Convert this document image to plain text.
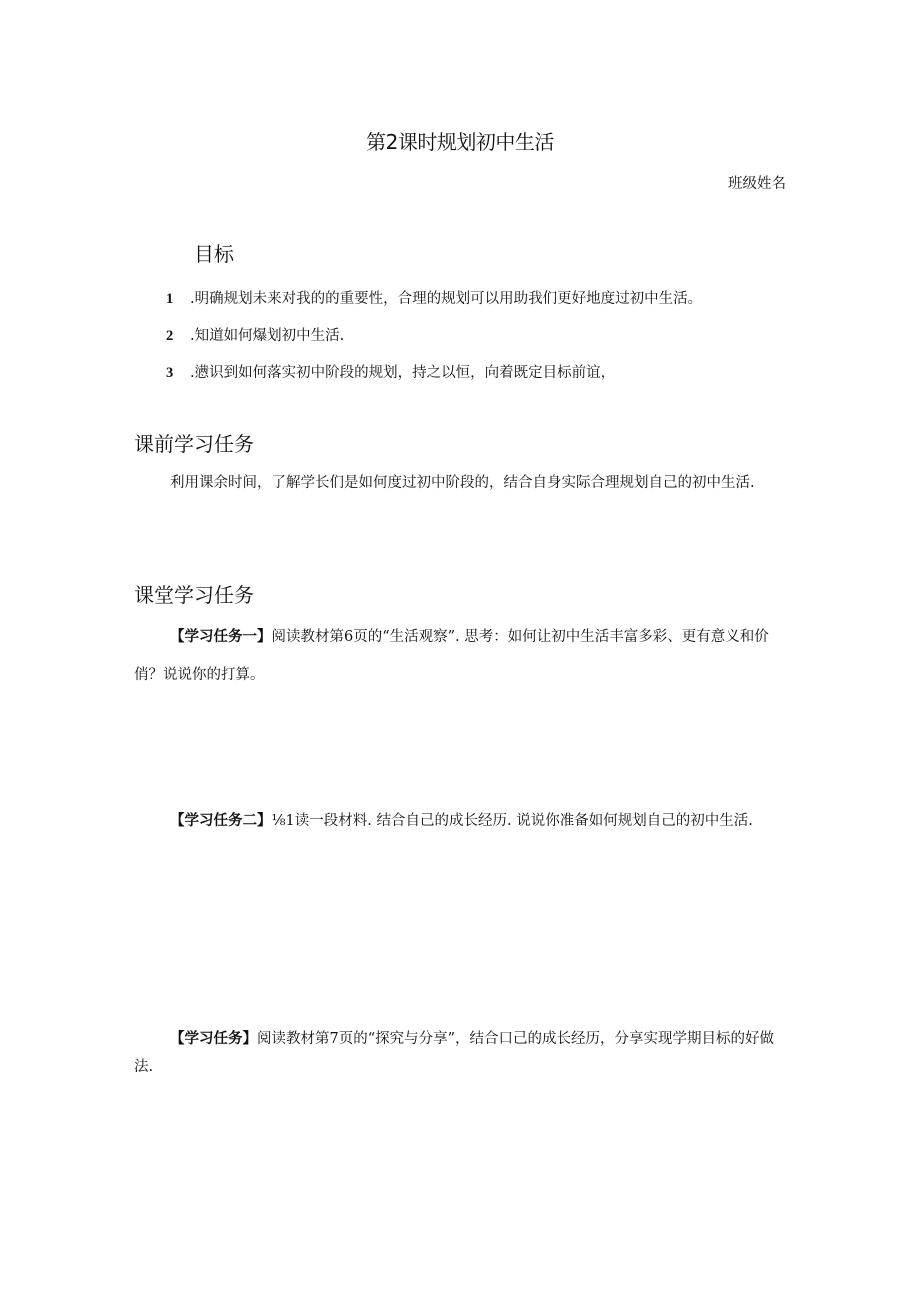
第2课时规划初中生活
班级姓名
目标
1 .明确规划未来对我的的重要性，合理的规划可以用助我们更好地度过初中生活。
2 .知道如何爆划初中生活.
3 .懑识到如何落实初中阶段的规划，持之以恒，向着既定目标前谊，
课前学习任务
利用课余时间，了解学长们是如何度过初中阶段的，结合自身实际合理规划自己的初中生活.
课堂学习任务
【学习任务一】阅读教材第6页的“生活观察”. 思考：如何让初中生活丰富多彩、更有意义和价俏？说说你的打算。
【学习任务二】⅛1读一段材料. 结合自己的成长经历. 说说你准备如何规划自己的初中生活.
【学习任务】阅读教材第7页的“探究与分享”，结合口己的成长经历，分享实现学期目标的好做法.
